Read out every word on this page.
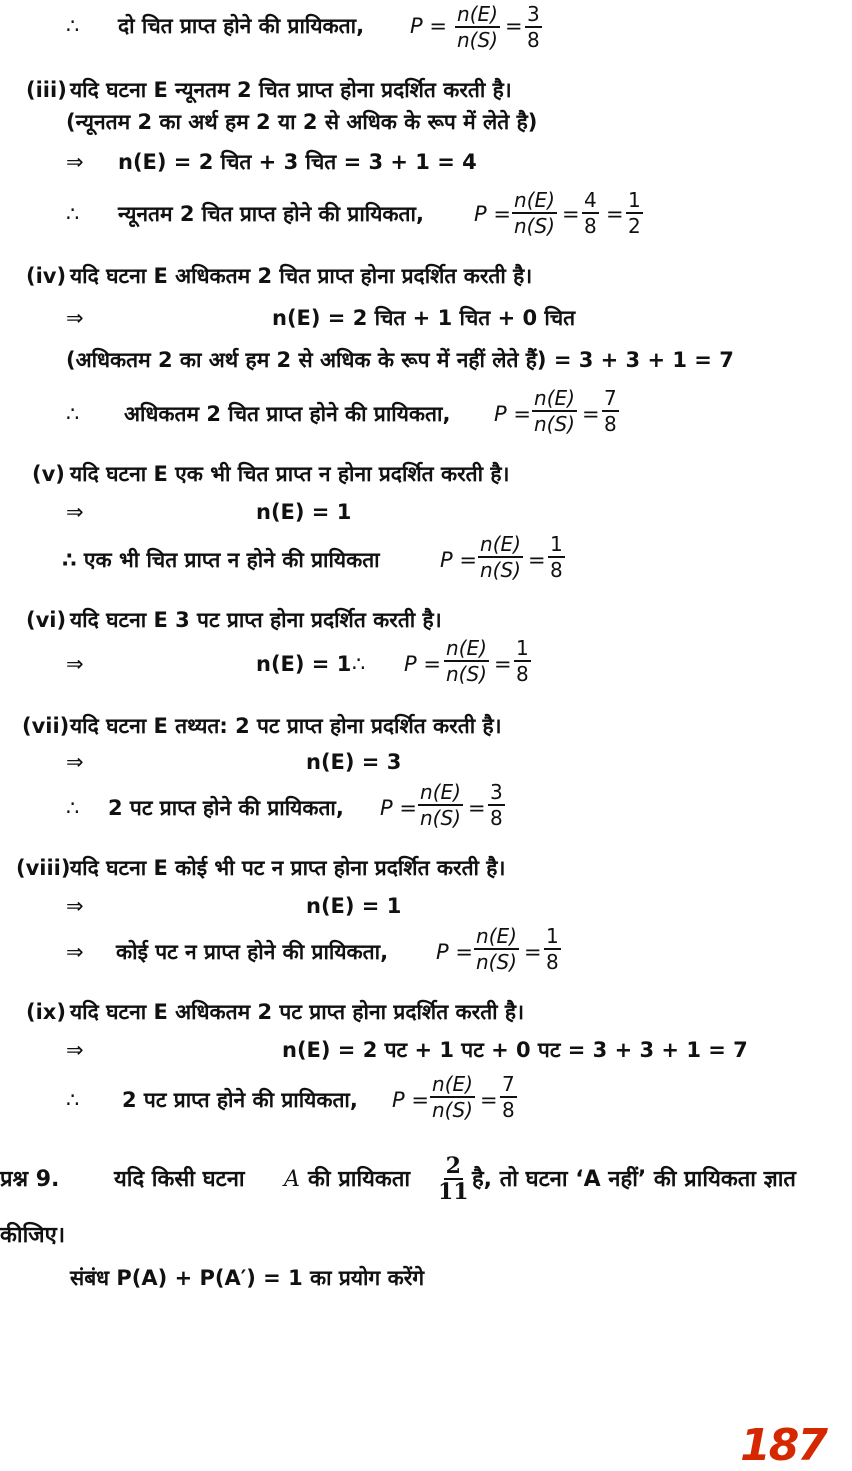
∴ दो चित प्राप्त होने की प्रायिकता, $P = \frac{n(E)}{n(S)} = \frac{3}{8}$
(iii) यदि घटना E न्यूनतम 2 चित प्राप्त होना प्रदर्शित करती है।
(न्यूनतम 2 का अर्थ हम 2 या 2 से अधिक के रूप में लेते है)
⇒ n(E) = 2 चित + 3 चित = 3 + 1 = 4
∴ न्यूनतम 2 चित प्राप्त होने की प्रायिकता, $P = \frac{n(E)}{n(S)} = \frac{4}{8} = \frac{1}{2}$
(iv) यदि घटना E अधिकतम 2 चित प्राप्त होना प्रदर्शित करती है।
⇒	n(E) = 2 चित + 1 चित + 0 चित
(अधिकतम 2 का अर्थ हम 2 से अधिक के रूप में नहीं लेते हैं) = 3 + 3 + 1 = 7
∴ अधिकतम 2 चित प्राप्त होने की प्रायिकता, $P = \frac{n(E)}{n(S)} = \frac{7}{8}$
(v) यदि घटना E एक भी चित प्राप्त न होना प्रदर्शित करती है।
⇒	n(E) = 1
∴ एक भी चित प्राप्त न होने की प्रायिकता	$P = \frac{n(E)}{n(S)} = \frac{1}{8}$
(vi) यदि घटना E 3 पट प्राप्त होना प्रदर्शित करती है।
⇒	n(E) = 1 ∴ $P = \frac{n(E)}{n(S)} = \frac{1}{8}$
(vii) यदि घटना E तथ्यत: 2 पट प्राप्त होना प्रदर्शित करती है।
⇒	n(E) = 3
∴ 2 पट प्राप्त होने की प्रायिकता, $P = \frac{n(E)}{n(S)} = \frac{3}{8}$
(viii) यदि घटना E कोई भी पट न प्राप्त होना प्रदर्शित करती है।
⇒	n(E) = 1
⇒ कोई पट न प्राप्त होने की प्रायिकता, $P = \frac{n(E)}{n(S)} = \frac{1}{8}$
(ix) यदि घटना E अधिकतम 2 पट प्राप्त होना प्रदर्शित करती है।
⇒	n(E) = 2 पट + 1 पट + 0 पट = 3 + 3 + 1 = 7
∴ 2 पट प्राप्त होने की प्रायिकता, $P = \frac{n(E)}{n(S)} = \frac{7}{8}$
प्रश्न 9. यदि किसी घटना A की प्रायिकता $\frac{2}{11}$ है, तो घटना ‘A नहीं’ की प्रायिकता ज्ञात
कीजिए।
संबंध P(A) + P(A′) = 1 का प्रयोग करेंगे
187
